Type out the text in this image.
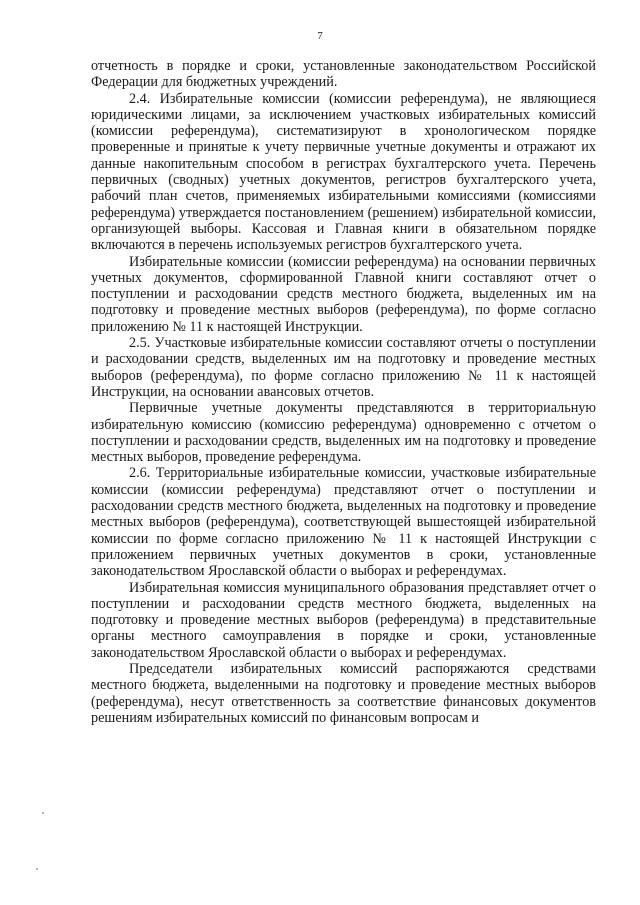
7

отчетность в порядке и сроки, установленные законодательством Российской Федерации для бюджетных учреждений.

2.4. Избирательные комиссии (комиссии референдума), не являющиеся юридическими лицами, за исключением участковых избирательных комиссий (комиссии референдума), систематизируют в хронологическом порядке проверенные и принятые к учету первичные учетные документы и отражают их данные накопительным способом в регистрах бухгалтерского учета. Перечень первичных (сводных) учетных документов, регистров бухгалтерского учета, рабочий план счетов, применяемых избирательными комиссиями (комиссиями референдума) утверждается постановлением (решением) избирательной комиссии, организующей выборы. Кассовая и Главная книги в обязательном порядке включаются в перечень используемых регистров бухгалтерского учета.

Избирательные комиссии (комиссии референдума) на основании первичных учетных документов, сформированной Главной книги составляют отчет о поступлении и расходовании средств местного бюджета, выделенных им на подготовку и проведение местных выборов (референдума), по форме согласно приложению № 11 к настоящей Инструкции.

2.5. Участковые избирательные комиссии составляют отчеты о поступлении и расходовании средств, выделенных им на подготовку и проведение местных выборов (референдума), по форме согласно приложению № 11 к настоящей Инструкции, на основании авансовых отчетов.

Первичные учетные документы представляются в территориальную избирательную комиссию (комиссию референдума) одновременно с отчетом о поступлении и расходовании средств, выделенных им на подготовку и проведение местных выборов, проведение референдума.

2.6. Территориальные избирательные комиссии, участковые избирательные комиссии (комиссии референдума) представляют отчет о поступлении и расходовании средств местного бюджета, выделенных на подготовку и проведение местных выборов (референдума), соответствующей вышестоящей избирательной комиссии по форме согласно приложению № 11 к настоящей Инструкции с приложением первичных учетных документов в сроки, установленные законодательством Ярославской области о выборах и референдумах.

Избирательная комиссия муниципального образования представляет отчет о поступлении и расходовании средств местного бюджета, выделенных на подготовку и проведение местных выборов (референдума) в представительные органы местного самоуправления в порядке и сроки, установленные законодательством Ярославской области о выборах и референдумах.

Председатели избирательных комиссий распоряжаются средствами местного бюджета, выделенными на подготовку и проведение местных выборов (референдума), несут ответственность за соответствие финансовых документов решениям избирательных комиссий по финансовым вопросам и
